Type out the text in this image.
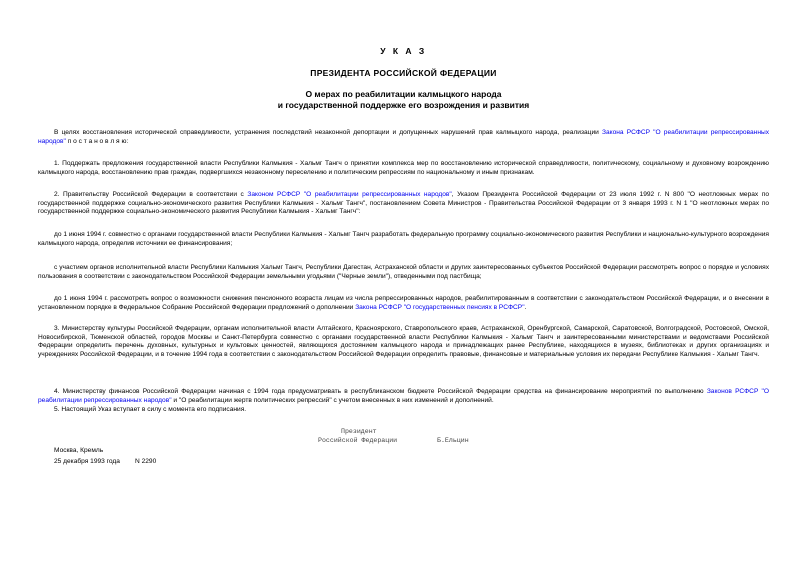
У К А З
ПРЕЗИДЕНТА РОССИЙСКОЙ ФЕДЕРАЦИИ
О мерах по реабилитации калмыцкого народа
и государственной поддержке его возрождения и развития

В целях восстановления исторической справедливости, устранения последствий незаконной депортации и допущенных нарушений прав калмыцкого народа, реализации Закона РСФСР "О реабилитации репрессированных народов" п о с т а н о в л я ю:

1. Поддержать предложения государственной власти Республики Калмыкия - Хальмг Тангч о принятии комплекса мер по восстановлению исторической справедливости, политическому, социальному и духовному возрождению калмыцкого народа, восстановлению прав граждан, подвергшихся незаконному переселению и политическим репрессиям по национальному и иным признакам.

2. Правительству Российской Федерации в соответствии с Законом РСФСР "О реабилитации репрессированных народов", Указом Президента Российской Федерации от 23 июля 1992 г. N 800 "О неотложных мерах по государственной поддержке социально-экономического развития Республики Калмыкия - Хальмг Тангч", постановлением Совета Министров - Правительства Российской Федерации от 3 января 1993 г. N 1 "О неотложных мерах по государственной поддержке социально-экономического развития Республики Калмыкия - Хальмг Тангч":

до 1 июня 1994 г. совместно с органами государственной власти Республики Калмыкия - Хальмг Тангч разработать федеральную программу социально-экономического развития Республики и национально-культурного возрождения калмыцкого народа, определив источники ее финансирования;

с участием органов исполнительной власти Республики Калмыкия Хальмг Тангч, Республики Дагестан, Астраханской области и других заинтересованных субъектов Российской Федерации рассмотреть вопрос о порядке и условиях пользования в соответствии с законодательством Российской Федерации земельными угодьями ("Черные земли"), отведенными под пастбища;

до 1 июня 1994 г. рассмотреть вопрос о возможности снижения пенсионного возраста лицам из числа репрессированных народов, реабилитированным в соответствии с законодательством Российской Федерации, и о внесении в установленном порядке в Федеральное Собрание Российской Федерации предложений о дополнении Закона РСФСР "О государственных пенсиях в РСФСР".

3. Министерству культуры Российской Федерации, органам исполнительной власти Алтайского, Красноярского, Ставропольского краев, Астраханской, Оренбургской, Самарской, Саратовской, Волгоградской, Ростовской, Омской, Новосибирской, Тюменской областей, городов Москвы и Санкт-Петербурга совместно с органами государственной власти Республики Калмыкия - Хальмг Тангч и заинтересованными министерствами и ведомствами Российской Федерации определить перечень духовных, культурных и культовых ценностей, являющихся достоянием калмыцкого народа и принадлежащих ранее Республике, находящихся в музеях, библиотеках и других организациях и учреждениях Российской Федерации, и в точение 1994 года в соответствии с законодательством Российской Федерации определить правовые, финансовые и материальные условия их передачи Республике Калмыкия - Хальмг Тангч.

4. Министерству финансов Российской Федерации начиная с 1994 года предусматривать в республиканском бюджете Российской Федерации средства на финансирование мероприятий по выполнению Законов РСФСР "О реабилитации репрессированных народов" и "О реабилитации жертв политических репрессий" с учетом внесенных в них изменений и дополнений.

5. Настоящий Указ вступает в силу с момента его подписания.

Президент
Российской Федерации	Б.Ельцин
Москва, Кремль
25 декабря 1993 года N 2290
